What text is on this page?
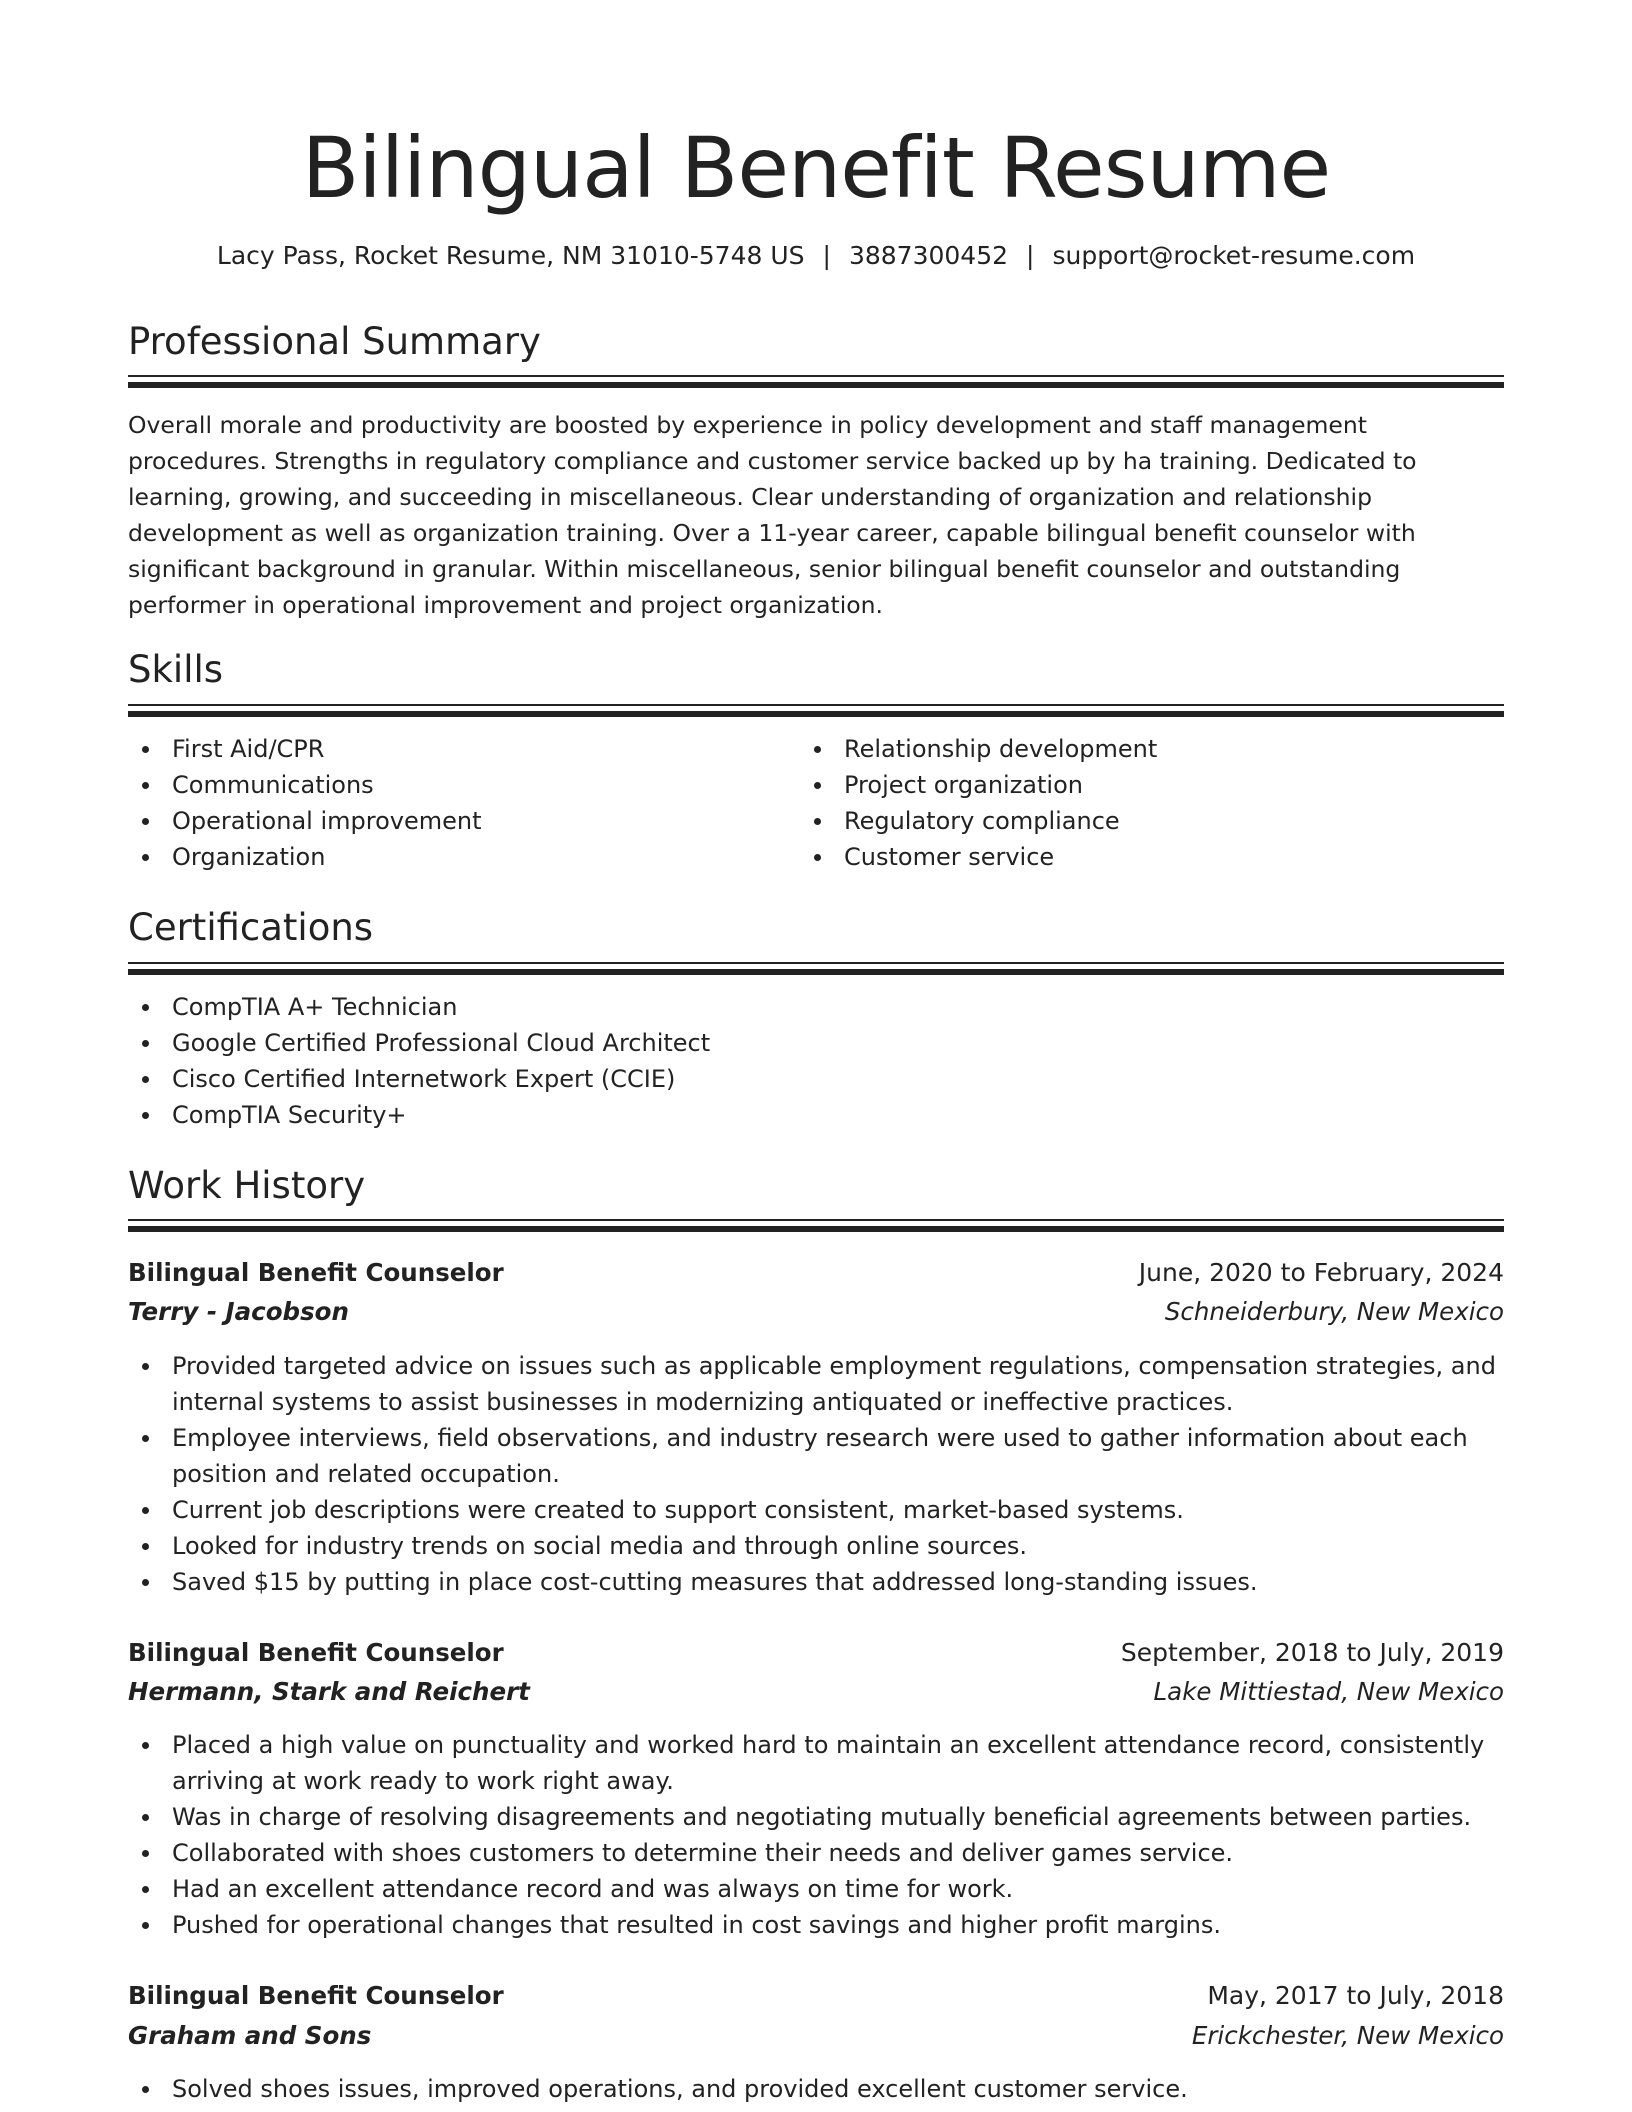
Bilingual Benefit Resume
Lacy Pass, Rocket Resume, NM 31010-5748 US | 3887300452 | support@rocket-resume.com
Professional Summary

Overall morale and productivity are boosted by experience in policy development and staff management procedures. Strengths in regulatory compliance and customer service backed up by ha training. Dedicated to learning, growing, and succeeding in miscellaneous. Clear understanding of organization and relationship development as well as organization training. Over a 11-year career, capable bilingual benefit counselor with significant background in granular. Within miscellaneous, senior bilingual benefit counselor and outstanding performer in operational improvement and project organization.

Skills
First Aid/CPR
Communications
Operational improvement
Organization
Relationship development
Project organization
Regulatory compliance
Customer service
Certifications
CompTIA A+ Technician
Google Certified Professional Cloud Architect
Cisco Certified Internetwork Expert (CCIE)
CompTIA Security+
Work History
Bilingual Benefit Counselor	June, 2020 to February, 2024
Terry - Jacobson	Schneiderbury, New Mexico
Provided targeted advice on issues such as applicable employment regulations, compensation strategies, and internal systems to assist businesses in modernizing antiquated or ineffective practices.
Employee interviews, field observations, and industry research were used to gather information about each position and related occupation.
Current job descriptions were created to support consistent, market-based systems.
Looked for industry trends on social media and through online sources.
Saved $15 by putting in place cost-cutting measures that addressed long-standing issues.
Bilingual Benefit Counselor	September, 2018 to July, 2019
Hermann, Stark and Reichert	Lake Mittiestad, New Mexico
Placed a high value on punctuality and worked hard to maintain an excellent attendance record, consistently arriving at work ready to work right away.
Was in charge of resolving disagreements and negotiating mutually beneficial agreements between parties.
Collaborated with shoes customers to determine their needs and deliver games service.
Had an excellent attendance record and was always on time for work.
Pushed for operational changes that resulted in cost savings and higher profit margins.
Bilingual Benefit Counselor	May, 2017 to July, 2018
Graham and Sons	Erickchester, New Mexico
Solved shoes issues, improved operations, and provided excellent customer service.
